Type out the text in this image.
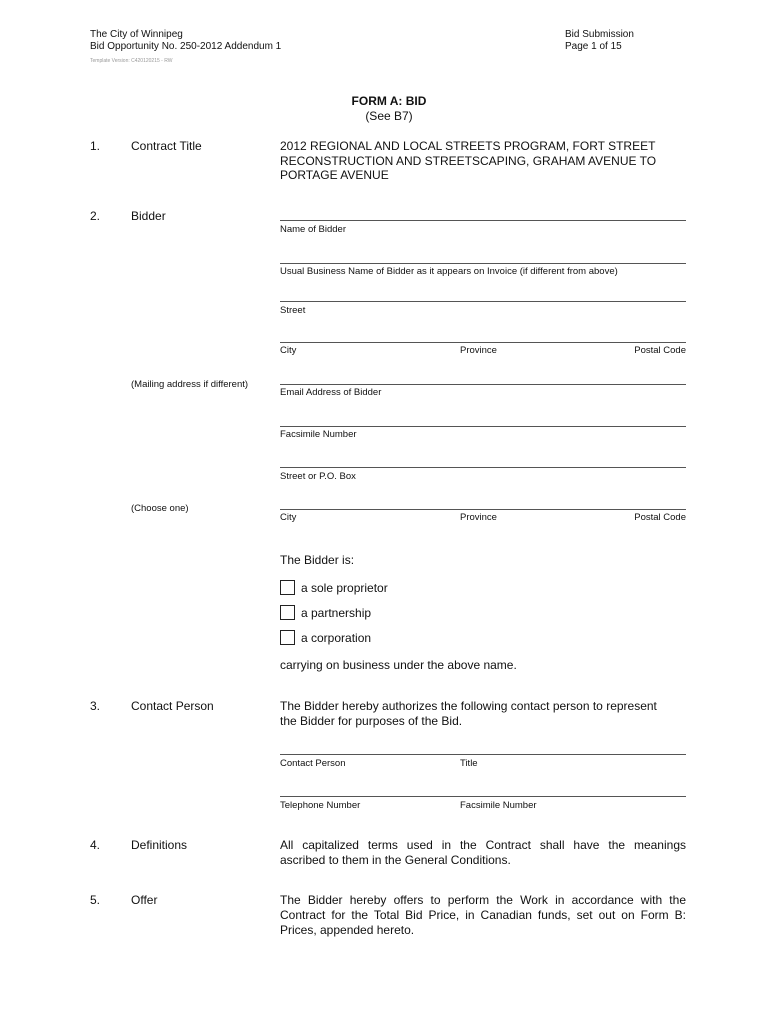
The City of Winnipeg
Bid Opportunity No. 250-2012 Addendum 1
Template Version: C420120215 - RW
Bid Submission
Page 1 of 15
FORM A: BID
(See B7)
1.	Contract Title	2012 REGIONAL AND LOCAL STREETS PROGRAM, FORT STREET
RECONSTRUCTION AND STREETSCAPING, GRAHAM AVENUE TO
PORTAGE AVENUE
2.	Bidder
Name of Bidder
Usual Business Name of Bidder as it appears on Invoice (if different from above)
Street
City	Province	Postal Code
(Mailing address if different)
Email Address of Bidder
Facsimile Number
Street or P.O. Box
(Choose one)
City	Province	Postal Code
The Bidder is:
a sole proprietor
a partnership
a corporation
carrying on business under the above name.
3.	Contact Person	The Bidder hereby authorizes the following contact person to represent
the Bidder for purposes of the Bid.
Contact Person	Title
Telephone Number	Facsimile Number
4.	Definitions	All capitalized terms used in the Contract shall have the meanings
ascribed to them in the General Conditions.
5.	Offer	The Bidder hereby offers to perform the Work in accordance with the
Contract for the Total Bid Price, in Canadian funds, set out on Form B:
Prices, appended hereto.
